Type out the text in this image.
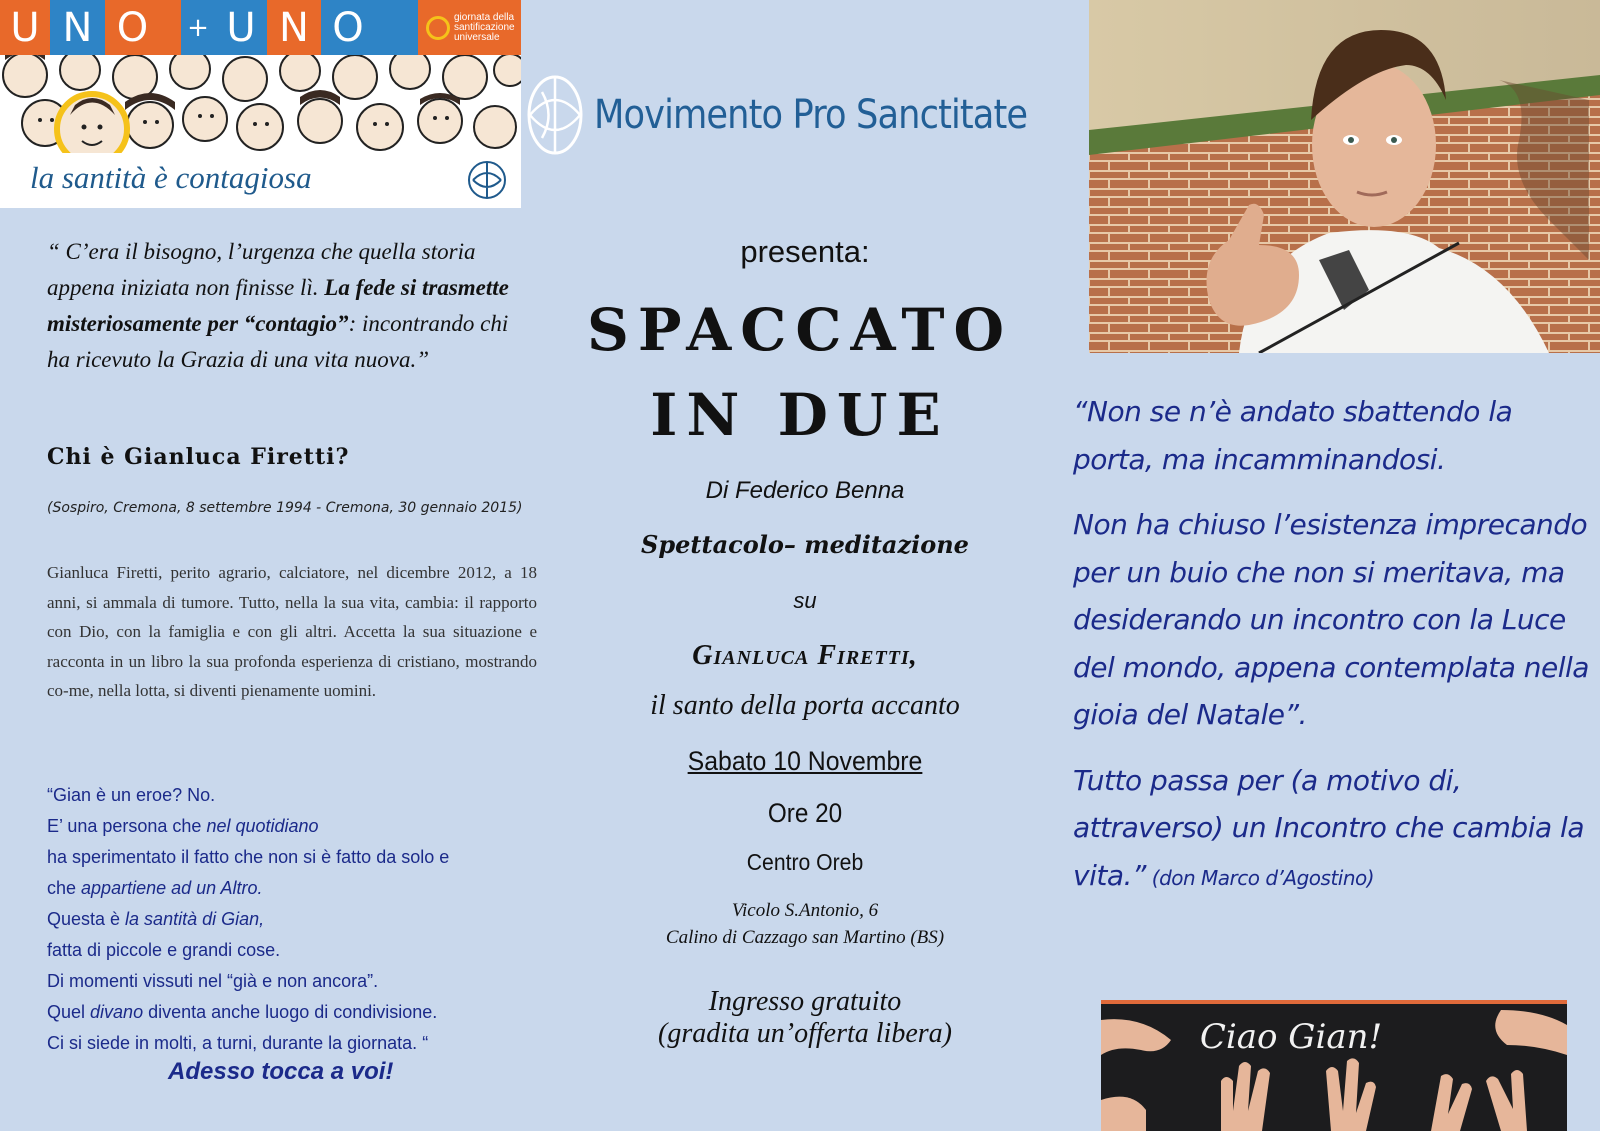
U N O	+ U N O	giornata della santificazione universale
la santità è contagiosa
“ C’era il bisogno, l’urgenza che quella storia appena iniziata non finisse lì. La fede si trasmette misteriosamente per “contagio”: incontrando chi ha ricevuto la Grazia di una vita nuova.”
Chi è Gianluca Firetti?
(Sospiro, Cremona, 8 settembre 1994 - Cremona, 30 gennaio 2015)
Gianluca Firetti, perito agrario, calciatore, nel dicembre 2012, a 18 anni, si ammala di tumore. Tutto, nella la sua vita, cambia: il rapporto con Dio, con la famiglia e con gli altri. Accetta la sua situazione e racconta in un libro la sua profonda esperienza di cristiano, mostrando co-me, nella lotta, si diventi pienamente uomini.
“Gian è un eroe? No.
E’ una persona che nel quotidiano
ha sperimentato il fatto che non si è fatto da solo e
che appartiene ad un Altro.
Questa è la santità di Gian,
fatta di piccole e grandi cose.
Di momenti vissuti nel “già e non ancora”.
Quel divano diventa anche luogo di condivisione.
Ci si siede in molti, a turni, durante la giornata. “
Adesso tocca a voi!
Movimento Pro Sanctitate
presenta:
SPACCATO
IN DUE
Di Federico Benna
Spettacolo– meditazione
su
Gianluca Firetti,
il santo della porta accanto
Sabato 10 Novembre
Ore 20
Centro Oreb
Vicolo S.Antonio, 6
Calino di Cazzago san Martino (BS)
Ingresso gratuito
(gradita un’offerta libera)

“Non se n’è andato sbattendo la porta, ma incamminandosi.

Non ha chiuso l’esistenza imprecando per un buio che non si meritava, ma desiderando un incontro con la Luce del mondo, appena contemplata nella gioia del Natale”.

Tutto passa per (a motivo di, attraverso) un Incontro che cambia la vita.” (don Marco d’Agostino)

Ciao Gian!
